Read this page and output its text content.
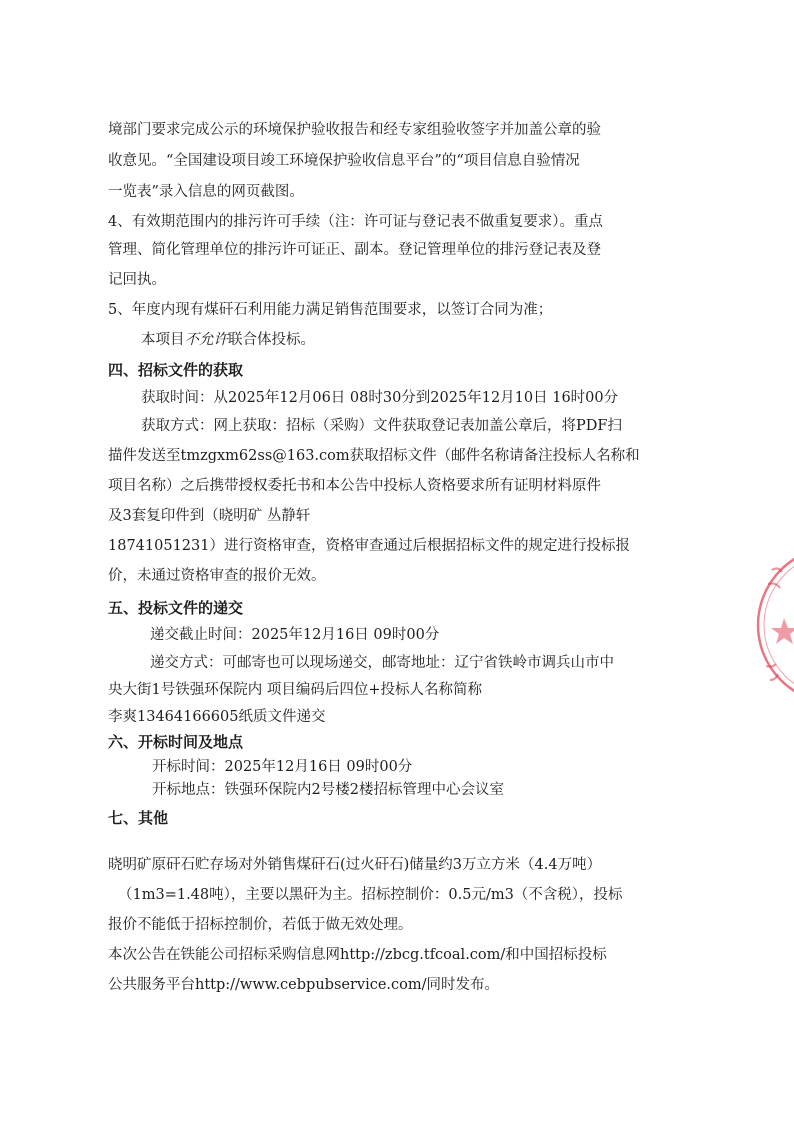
境部门要求完成公示的环境保护验收报告和经专家组验收签字并加盖公章的验
收意见。“全国建设项目竣工环境保护验收信息平台”的“项目信息自验情况
一览表”录入信息的网页截图。
4、有效期范围内的排污许可手续（注：许可证与登记表不做重复要求）。重点
管理、简化管理单位的排污许可证正、副本。登记管理单位的排污登记表及登
记回执。
5、年度内现有煤矸石利用能力满足销售范围要求，以签订合同为准；
本项目不允许联合体投标。
四、招标文件的获取
获取时间：从2025年12月06日 08时30分到2025年12月10日 16时00分
获取方式：网上获取：招标（采购）文件获取登记表加盖公章后，将PDF扫
描件发送至tmzgxm62ss@163.com获取招标文件（邮件名称请备注投标人名称和
项目名称）之后携带授权委托书和本公告中投标人资格要求所有证明材料原件
及3套复印件到（晓明矿 丛静轩
18741051231）进行资格审查，资格审查通过后根据招标文件的规定进行投标报
价，未通过资格审查的报价无效。
五、投标文件的递交
递交截止时间：2025年12月16日 09时00分
递交方式：可邮寄也可以现场递交，邮寄地址：辽宁省铁岭市调兵山市中
央大街1号铁强环保院内 项目编码后四位+投标人名称简称
李爽13464166605纸质文件递交
六、开标时间及地点
开标时间：2025年12月16日 09时00分
开标地点：铁强环保院内2号楼2楼招标管理中心会议室
七、其他
晓明矿原矸石贮存场对外销售煤矸石(过火矸石)储量约3万立方米（4.4万吨）
（1m3=1.48吨），主要以黑矸为主。招标控制价：0.5元/m3（不含税），投标
报价不能低于招标控制价，若低于做无效处理。
本次公告在铁能公司招标采购信息网http://zbcg.tfcoal.com/和中国招标投标
公共服务平台http://www.cebpubservice.com/同时发布。
